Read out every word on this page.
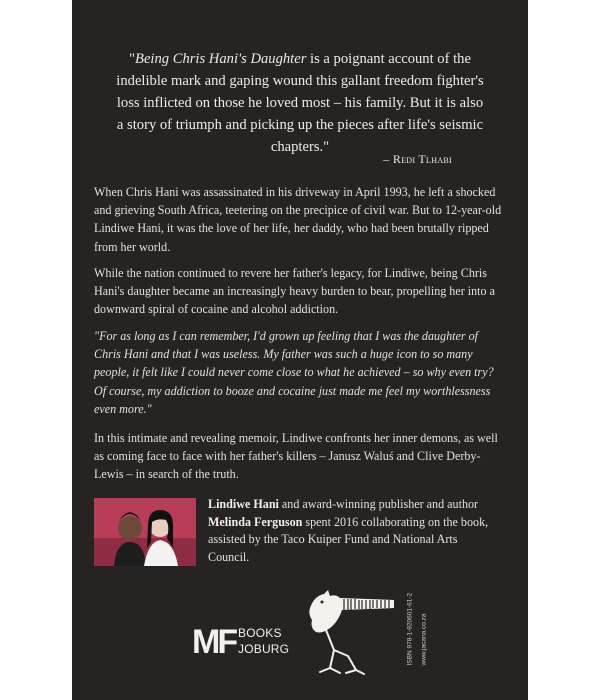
"Being Chris Hani's Daughter is a poignant account of the indelible mark and gaping wound this gallant freedom fighter's loss inflicted on those he loved most – his family. But it is also a story of triumph and picking up the pieces after life's seismic chapters."
– Redi Tlhabi
When Chris Hani was assassinated in his driveway in April 1993, he left a shocked and grieving South Africa, teetering on the precipice of civil war. But to 12-year-old Lindiwe Hani, it was the love of her life, her daddy, who had been brutally ripped from her world.
While the nation continued to revere her father's legacy, for Lindiwe, being Chris Hani's daughter became an increasingly heavy burden to bear, propelling her into a downward spiral of cocaine and alcohol addiction.
"For as long as I can remember, I'd grown up feeling that I was the daughter of Chris Hani and that I was useless. My father was such a huge icon to so many people, it felt like I could never come close to what he achieved – so why even try? Of course, my addiction to booze and cocaine just made me feel my worthlessness even more."
In this intimate and revealing memoir, Lindiwe confronts her inner demons, as well as coming face to face with her father's killers – Janusz Waluś and Clive Derby-Lewis – in search of the truth.
Lindiwe Hani and award-winning publisher and author Melinda Ferguson spent 2016 collaborating on the book, assisted by the Taco Kuiper Fund and National Arts Council.
MF BOOKS
JOBURG	ISBN 978-1-920601-61-2 www.jacana.co.za
